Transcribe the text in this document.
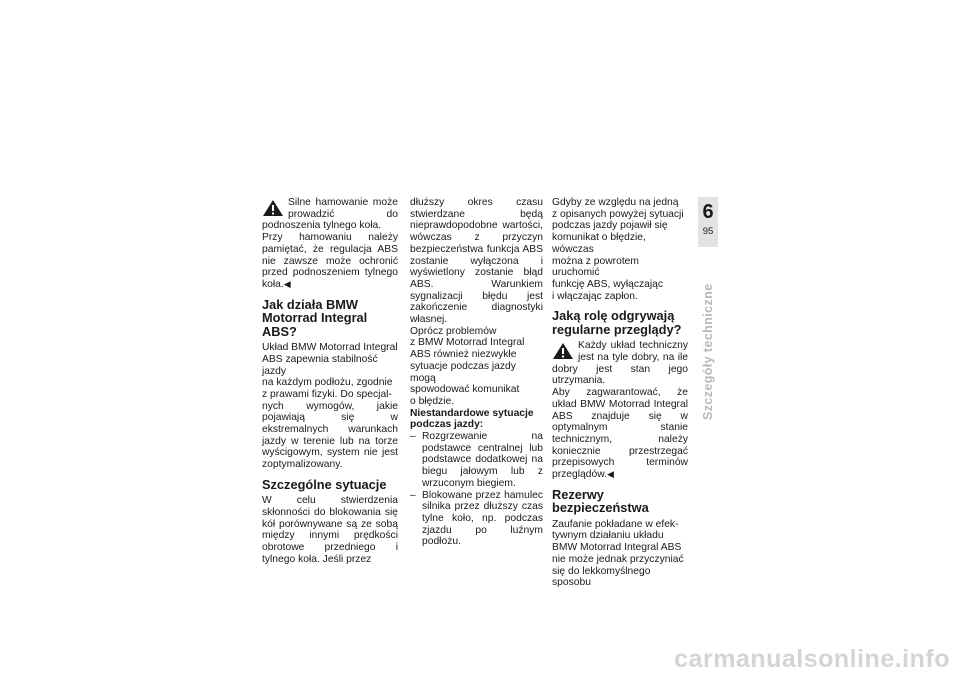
Silne hamowanie może prowadzić do podnoszenia tylnego koła.

Przy hamowaniu należy pamiętać, że regulacja ABS nie zawsze może ochronić przed podnoszeniem tylnego koła.◀

Jak działa BMW Motorrad Integral ABS?

Układ BMW Motorrad Integral
ABS zapewnia stabilność jazdy
na każdym podłożu, zgodnie
z prawami fizyki. Do specjal-

nych wymogów, jakie pojawiają się w ekstremalnych warunkach jazdy w terenie lub na torze wyścigowym, system nie jest zoptymalizowany.

Szczególne sytuacje

W celu stwierdzenia skłonności do blokowania się kół porównywane są ze sobą między innymi prędkości obrotowe przedniego i tylnego koła. Jeśli przez

dłuższy okres czasu stwierdzane będą nieprawdopodobne wartości, wówczas z przyczyn bezpieczeństwa funkcja ABS zostanie wyłączona i wyświetlony zostanie błąd ABS. Warunkiem sygnalizacji błędu jest zakończenie diagnostyki własnej.

Oprócz problemów
z BMW Motorrad Integral
ABS również niezwykłe
sytuacje podczas jazdy mogą
spowodować komunikat
o błędzie.

Niestandardowe sytuacje podczas jazdy:
– Rozgrzewanie na podstawce centralnej lub podstawce dodatkowej na biegu jałowym lub z wrzuconym biegiem.
– Blokowane przez hamulec silnika przez dłuższy czas tylne koło, np. podczas zjazdu po luźnym podłożu.

Gdyby ze względu na jedną
z opisanych powyżej sytuacji
podczas jazdy pojawił się
komunikat o błędzie, wówczas
można z powrotem uruchomić
funkcję ABS, wyłączając
i włączając zapłon.

Jaką rolę odgrywają regularne przeglądy?

Każdy układ techniczny jest na tyle dobry, na ile dobry jest stan jego utrzymania.

Aby zagwarantować, że układ BMW Motorrad Integral ABS znajduje się w optymalnym stanie technicznym, należy koniecznie przestrzegać przepisowych terminów przeglądów.◀

Rezerwy bezpieczeństwa

Zaufanie pokładane w efek-
tywnym działaniu układu
BMW Motorrad Integral ABS
nie może jednak przyczyniać
się do lekkomyślnego sposobu

6
95
Szczegóły techniczne
carmanualsonline.info
